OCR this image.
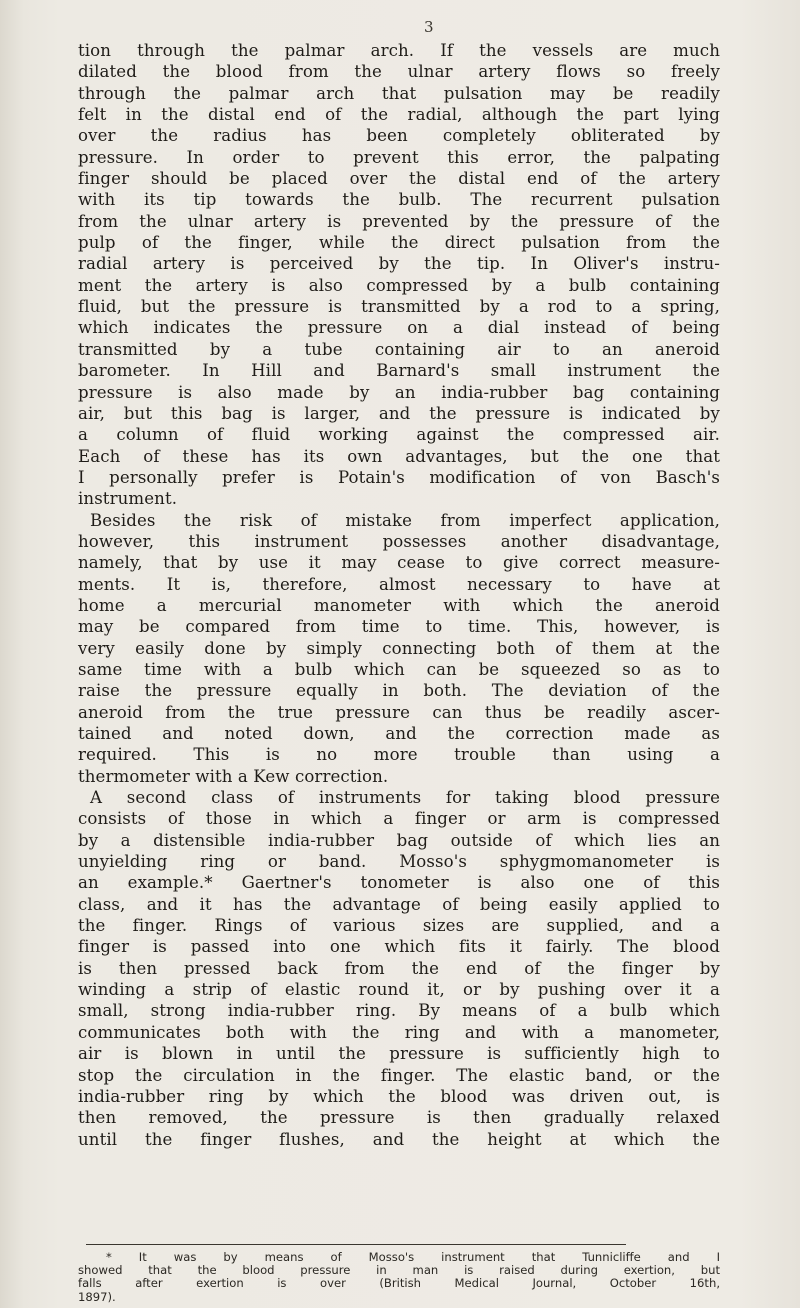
3
tion through the palmar arch. If the vessels are much
dilated the blood from the ulnar artery flows so freely
through the palmar arch that pulsation may be readily
felt in the distal end of the radial, although the part lying
over the radius has been completely obliterated by
pressure. In order to prevent this error, the palpating
finger should be placed over the distal end of the artery
with its tip towards the bulb. The recurrent pulsation
from the ulnar artery is prevented by the pressure of the
pulp of the finger, while the direct pulsation from the
radial artery is perceived by the tip. In Oliver's instru-
ment the artery is also compressed by a bulb containing
fluid, but the pressure is transmitted by a rod to a spring,
which indicates the pressure on a dial instead of being
transmitted by a tube containing air to an aneroid
barometer. In Hill and Barnard's small instrument the
pressure is also made by an india-rubber bag containing
air, but this bag is larger, and the pressure is indicated by
a column of fluid working against the compressed air.
Each of these has its own advantages, but the one that
I personally prefer is Potain's modification of von Basch's
instrument.
Besides the risk of mistake from imperfect application,
however, this instrument possesses another disadvantage,
namely, that by use it may cease to give correct measure-
ments. It is, therefore, almost necessary to have at
home a mercurial manometer with which the aneroid
may be compared from time to time. This, however, is
very easily done by simply connecting both of them at the
same time with a bulb which can be squeezed so as to
raise the pressure equally in both. The deviation of the
aneroid from the true pressure can thus be readily ascer-
tained and noted down, and the correction made as
required. This is no more trouble than using a
thermometer with a Kew correction.
A second class of instruments for taking blood pressure
consists of those in which a finger or arm is compressed
by a distensible india-rubber bag outside of which lies an
unyielding ring or band. Mosso's sphygmomanometer is
an example.* Gaertner's tonometer is also one of this
class, and it has the advantage of being easily applied to
the finger. Rings of various sizes are supplied, and a
finger is passed into one which fits it fairly. The blood
is then pressed back from the end of the finger by
winding a strip of elastic round it, or by pushing over it a
small, strong india-rubber ring. By means of a bulb which
communicates both with the ring and with a manometer,
air is blown in until the pressure is sufficiently high to
stop the circulation in the finger. The elastic band, or the
india-rubber ring by which the blood was driven out, is
then removed, the pressure is then gradually relaxed
until the finger flushes, and the height at which the
* It was by means of Mosso's instrument that Tunnicliffe and I
showed that the blood pressure in man is raised during exertion, but
falls after exertion is over (British Medical Journal, October 16th,
1897).
